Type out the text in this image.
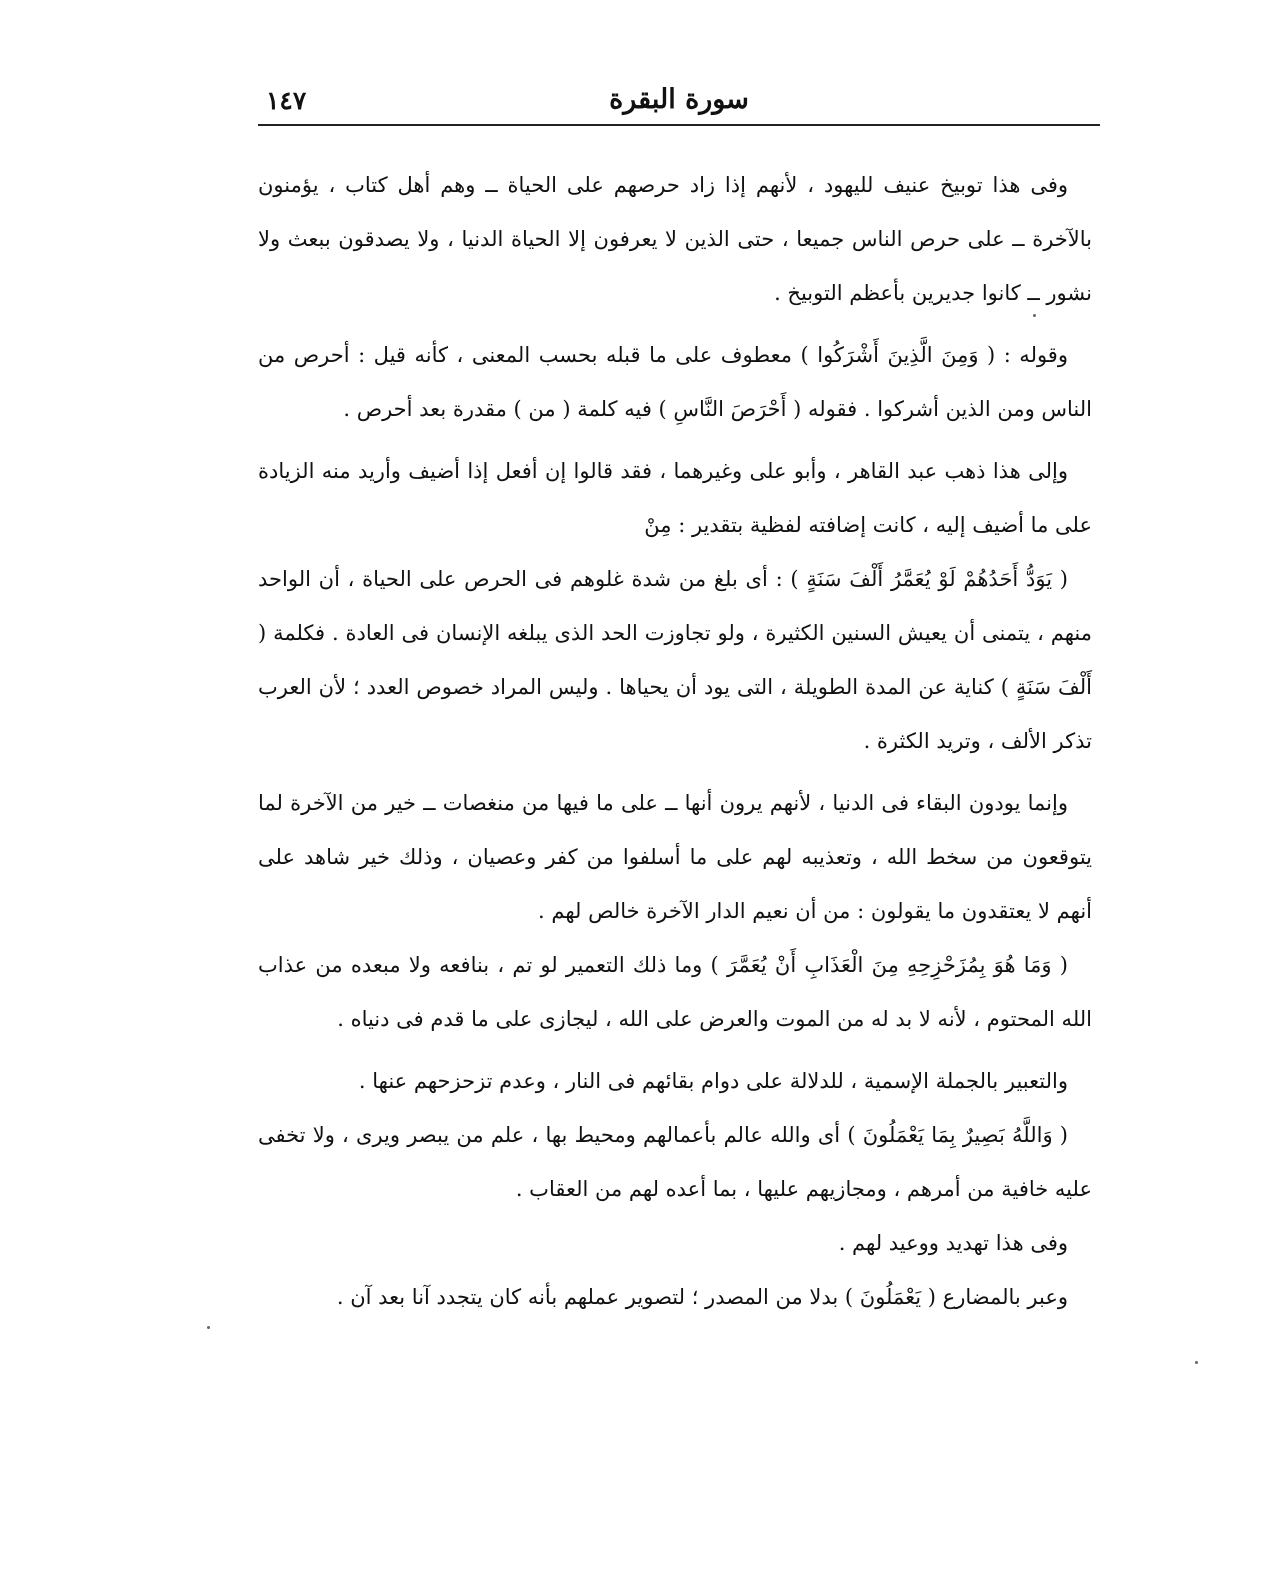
سورة البقرة
١٤٧

وفى هذا توبيخ عنيف لليهود ، لأنهم إذا زاد حرصهم على الحياة ــ وهم أهل كتاب ، يؤمنون بالآخرة ــ على حرص الناس جميعا ، حتى الذين لا يعرفون إلا الحياة الدنيا ، ولا يصدقون ببعث ولا نشور ــ كانوا جديرين بأعظم التوبيخ .

وقوله : ( وَمِنَ الَّذِينَ أَشْرَكُوا ) معطوف على ما قبله بحسب المعنى ، كأنه قيل : أحرص من الناس ومن الذين أشركوا . فقوله ( أَحْرَصَ النَّاسِ ) فيه كلمة ( من ) مقدرة بعد أحرص .

وإلى هذا ذهب عبد القاهر ، وأبو على وغيرهما ، فقد قالوا إن أفعل إذا أضيف وأريد منه الزيادة على ما أضيف إليه ، كانت إضافته لفظية بتقدير : مِنْ

( يَوَدُّ أَحَدُهُمْ لَوْ يُعَمَّرُ أَلْفَ سَنَةٍ ) : أى بلغ من شدة غلوهم فى الحرص على الحياة ، أن الواحد منهم ، يتمنى أن يعيش السنين الكثيرة ، ولو تجاوزت الحد الذى يبلغه الإنسان فى العادة . فكلمة ( أَلْفَ سَنَةٍ ) كناية عن المدة الطويلة ، التى يود أن يحياها . وليس المراد خصوص العدد ؛ لأن العرب تذكر الألف ، وتريد الكثرة .

وإنما يودون البقاء فى الدنيا ، لأنهم يرون أنها ــ على ما فيها من منغصات ــ خير من الآخرة لما يتوقعون من سخط الله ، وتعذيبه لهم على ما أسلفوا من كفر وعصيان ، وذلك خير شاهد على أنهم لا يعتقدون ما يقولون : من أن نعيم الدار الآخرة خالص لهم .

( وَمَا هُوَ بِمُزَحْزِحِهِ مِنَ الْعَذَابِ أَنْ يُعَمَّرَ ) وما ذلك التعمير لو تم ، بنافعه ولا مبعده من عذاب الله المحتوم ، لأنه لا بد له من الموت والعرض على الله ، ليجازى على ما قدم فى دنياه .

والتعبير بالجملة الإسمية ، للدلالة على دوام بقائهم فى النار ، وعدم تزحزحهم عنها .

( وَاللَّهُ بَصِيرٌ بِمَا يَعْمَلُونَ ) أى والله عالم بأعمالهم ومحيط بها ، علم من يبصر ويرى ، ولا تخفى عليه خافية من أمرهم ، ومجازيهم عليها ، بما أعده لهم من العقاب .

وفى هذا تهديد ووعيد لهم .

وعبر بالمضارع ( يَعْمَلُونَ ) بدلا من المصدر ؛ لتصوير عملهم بأنه كان يتجدد آنا بعد آن .
